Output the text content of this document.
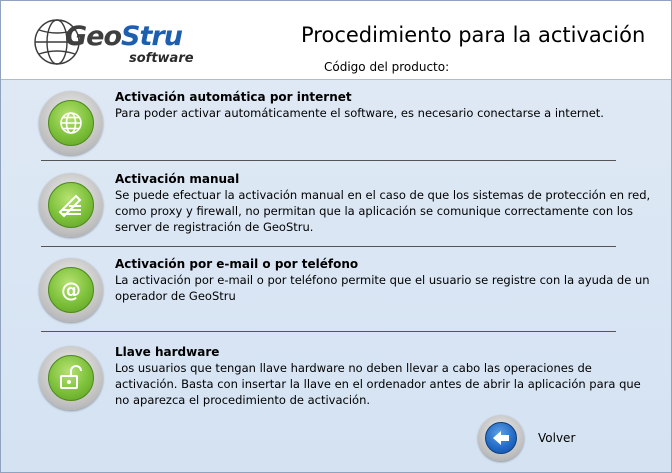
GeoStru
software
Procedimiento para la activación
Código del producto:
Activación automática por internet

Para poder activar automáticamente el software, es necesario conectarse a internet.

Activación manual

Se puede efectuar la activación manual en el caso de que los sistemas de protección en red, como proxy y firewall, no permitan que la aplicación se comunique correctamente con los server de registración de GeoStru.

@
Activación por e-mail o por teléfono

La activación por e-mail o por teléfono permite que el usuario se registre con la ayuda de un operador de GeoStru

Llave hardware

Los usuarios que tengan llave hardware no deben llevar a cabo las operaciones de activación. Basta con insertar la llave en el ordenador antes de abrir la aplicación para que no aparezca el procedimiento de activación.

Volver
